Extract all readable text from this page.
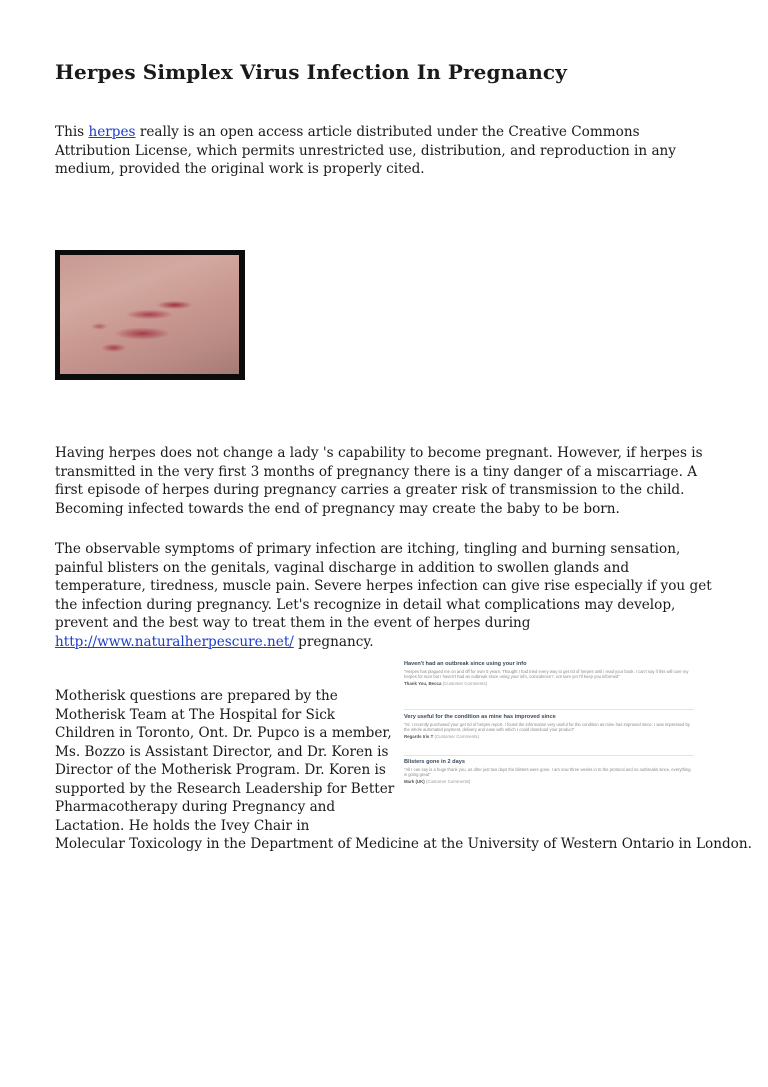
Herpes Simplex Virus Infection In Pregnancy

This herpes really is an open access article distributed under the Creative Commons Attribution License, which permits unrestricted use, distribution, and reproduction in any medium, provided the original work is properly cited.

Having herpes does not change a lady 's capability to become pregnant. However, if herpes is transmitted in the very first 3 months of pregnancy there is a tiny danger of a miscarriage. A first episode of herpes during pregnancy carries a greater risk of transmission to the child. Becoming infected towards the end of pregnancy may create the baby to be born.

The observable symptoms of primary infection are itching, tingling and burning sensation, painful blisters on the genitals, vaginal discharge in addition to swollen glands and temperature, tiredness, muscle pain. Severe herpes infection can give rise especially if you get the infection during pregnancy. Let's recognize in detail what complications may develop, prevent and the best way to treat them in the event of herpes during http://www.naturalherpescure.net/ pregnancy.

Motherisk questions are prepared by the Motherisk Team at The Hospital for Sick Children in Toronto, Ont. Dr. Pupco is a member, Ms. Bozzo is Assistant Director, and Dr. Koren is Director of the Motherisk Program. Dr. Koren is supported by the Research Leadership for Better Pharmacotherapy during Pregnancy and Lactation. He holds the Ivey Chair in
Molecular Toxicology in the Department of Medicine at the University of Western Ontario in London.

Haven't had an outbreak since using your info
"Herpes has plagued me on and off for over 5 years. Thought I had tried every way to get rid of herpes until i read your book. I can't say if this will cure my herpes for sure but I haven't had an outbreak since using your info, coincidence?, not sure yet I'll keep you informed"
Thank You, Becca (Customer Comments)
Very useful for the condition as mine has improved since
"Hi. I recently purchased your get rid of herpes report. I found the information very useful for the condition as mine has improved since. I was impressed by the whole automated payment, delivery and ease with which I could download your product"
Regards Iris T (Customer Comments)
Blisters gone in 2 days
"All I can say is a huge thank you, as after just two days the blisters were gone. I am now three weeks in to the protocol and no outbreaks since, everything is going great"
Mark (UK) (Customer Comments)
